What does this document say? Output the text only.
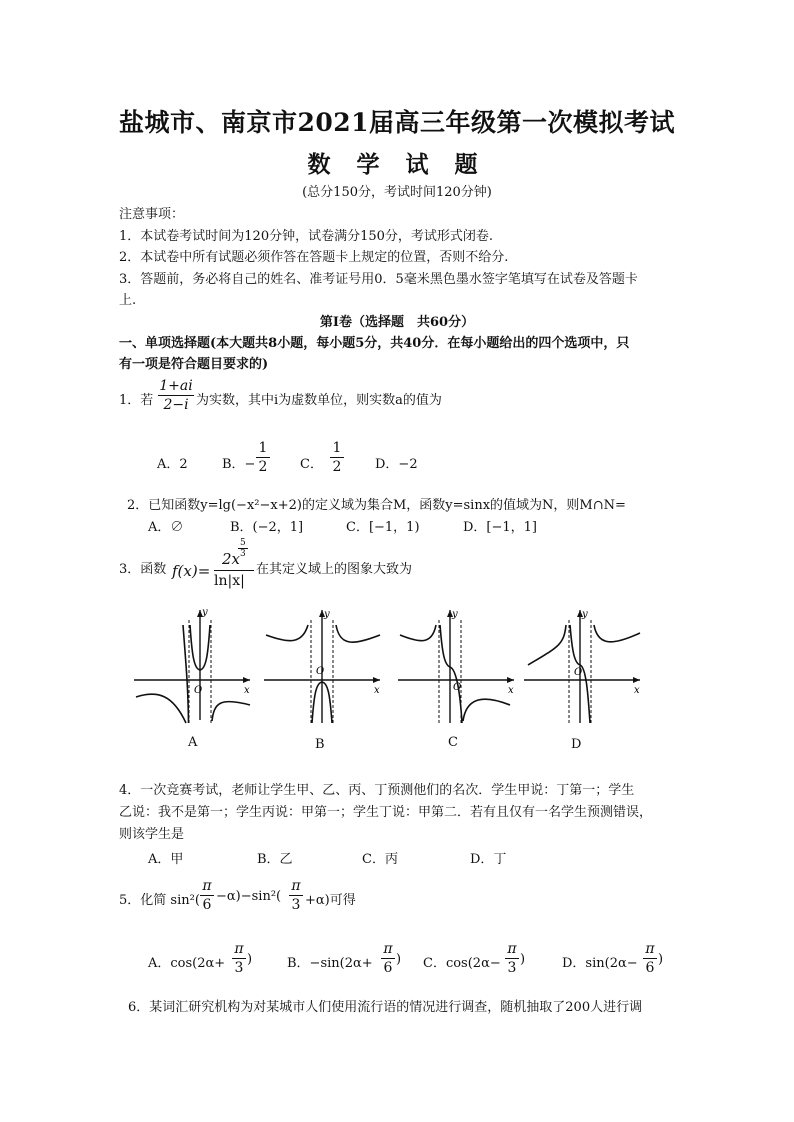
盐城市、南京市2021届高三年级第一次模拟考试
数 学 试 题
(总分150分，考试时间120分钟)
注意事项：
1．本试卷考试时间为120分钟，试卷满分150分，考试形式闭卷.
2．本试卷中所有试题必须作答在答题卡上规定的位置，否则不给分.
3．答题前，务必将自己的姓名、准考证号用0．5毫米黑色墨水签字笔填写在试卷及答题卡
上.
第Ⅰ卷（选择题　共60分）
一、单项选择题(本大题共8小题，每小题5分，共40分．在每小题给出的四个选项中，只
有一项是符合题目要求的)
1．若
1+ai
2−i 为实数，其中i为虚数单位，则实数a的值为
A．2	B．−
1
2	C．
1
2	D．−2
2．已知函数y=lg(−x²−x+2)的定义域为集合M，函数y=sinx的值域为N，则M∩N=
A．∅	B．(−2，1]	C．[−1，1)	D．[−1，1]
3．函数 f(x)=
2x
5
3
ln|x|
在其定义域上的图象大致为
y
x
O
A
y
x
O
B
y
x
O
C
y
x
O
D
4．一次竞赛考试，老师让学生甲、乙、丙、丁预测他们的名次．学生甲说：丁第一；学生
乙说：我不是第一；学生丙说：甲第一；学生丁说：甲第二．若有且仅有一名学生预测错误，
则该学生是
A．甲	B．乙	C．丙	D．丁
5．化简 sin²(
π
6
−α)−sin²(
π
3 +α)可得
A．cos(2α+
π
3
)	B．−sin(2α+
π
6
) C．cos(2α−
π
3
)	D．sin(2α−
π
6
)
6．某词汇研究机构为对某城市人们使用流行语的情况进行调查，随机抽取了200人进行调
